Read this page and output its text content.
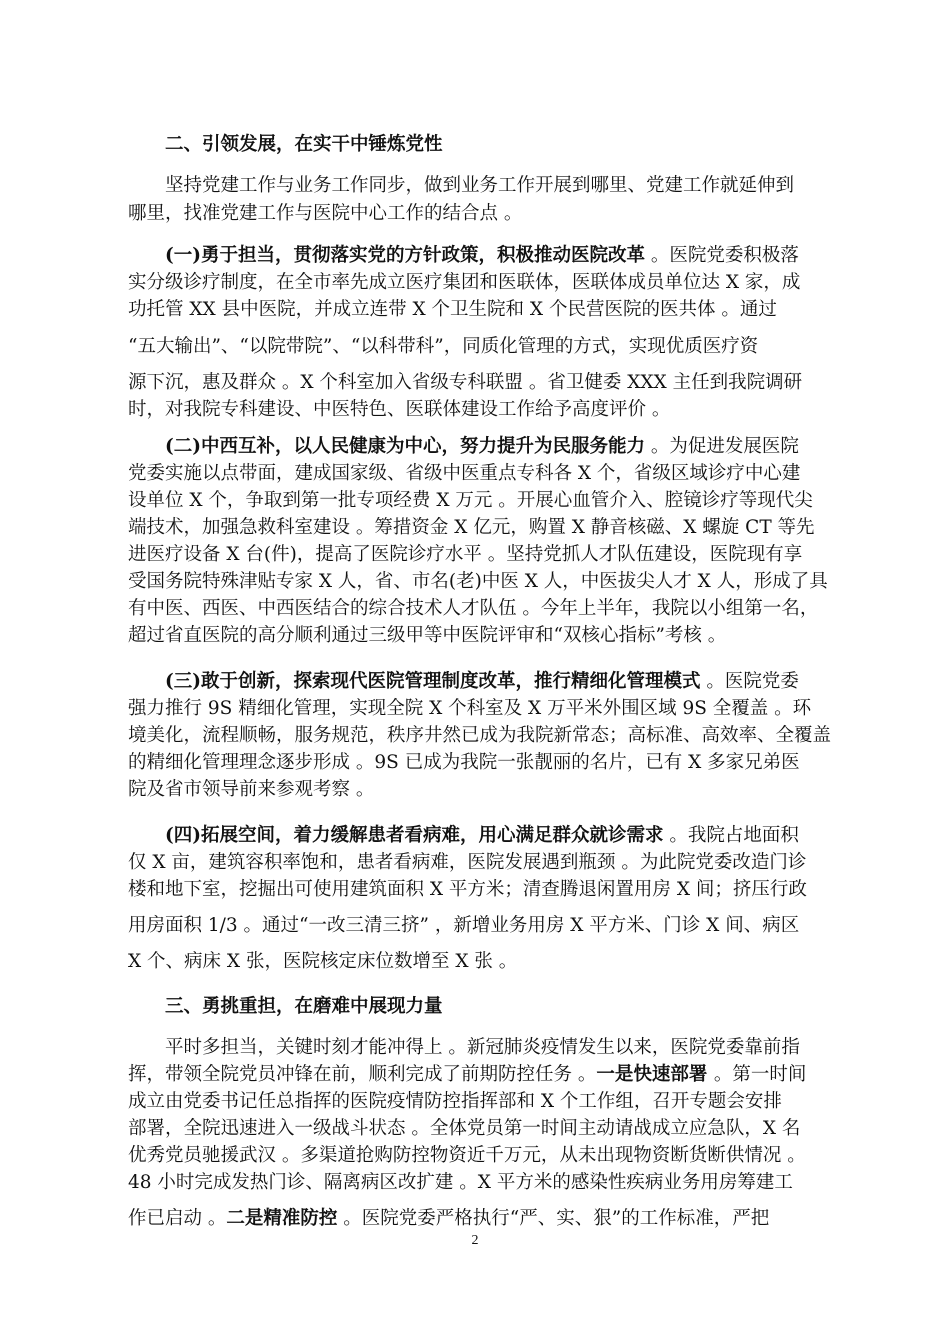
二、引领发展，在实干中锤炼党性
坚持党建工作与业务工作同步，做到业务工作开展到哪里、党建工作就延伸到
哪里，找准党建工作与医院中心工作的结合点 。
(一)勇于担当，贯彻落实党的方针政策，积极推动医院改革 。医院党委积极落
实分级诊疗制度，在全市率先成立医疗集团和医联体，医联体成员单位达 X 家，成
功托管 XX 县中医院，并成立连带 X 个卫生院和 X 个民营医院的医共体 。通过
“五大输出”、“以院带院”、“以科带科”，同质化管理的方式，实现优质医疗资
源下沉，惠及群众 。X 个科室加入省级专科联盟 。省卫健委 XXX 主任到我院调研
时，对我院专科建设、中医特色、医联体建设工作给予高度评价 。
(二)中西互补，以人民健康为中心，努力提升为民服务能力 。为促进发展医院
党委实施以点带面，建成国家级、省级中医重点专科各 X 个，省级区域诊疗中心建
设单位 X 个，争取到第一批专项经费 X 万元 。开展心血管介入、腔镜诊疗等现代尖
端技术，加强急救科室建设 。筹措资金 X 亿元，购置 X 静音核磁、X 螺旋 CT 等先
进医疗设备 X 台(件)，提高了医院诊疗水平 。坚持党抓人才队伍建设，医院现有享
受国务院特殊津贴专家 X 人，省、市名(老)中医 X 人，中医拔尖人才 X 人，形成了具
有中医、西医、中西医结合的综合技术人才队伍 。今年上半年，我院以小组第一名，
超过省直医院的高分顺利通过三级甲等中医院评审和“双核心指标”考核 。
(三)敢于创新，探索现代医院管理制度改革，推行精细化管理模式 。医院党委
强力推行 9S 精细化管理，实现全院 X 个科室及 X 万平米外围区域 9S 全覆盖 。环
境美化，流程顺畅，服务规范，秩序井然已成为我院新常态；高标准、高效率、全覆盖
的精细化管理理念逐步形成 。9S 已成为我院一张靓丽的名片，已有 X 多家兄弟医
院及省市领导前来参观考察 。
(四)拓展空间，着力缓解患者看病难，用心满足群众就诊需求 。我院占地面积
仅 X 亩，建筑容积率饱和，患者看病难，医院发展遇到瓶颈 。为此院党委改造门诊
楼和地下室，挖掘出可使用建筑面积 X 平方米；清查腾退闲置用房 X 间；挤压行政
用房面积 1/3 。通过“一改三清三挤” ，新增业务用房 X 平方米、门诊 X 间、病区
X 个、病床 X 张，医院核定床位数增至 X 张 。
三、勇挑重担，在磨难中展现力量
平时多担当，关键时刻才能冲得上 。新冠肺炎疫情发生以来，医院党委靠前指
挥，带领全院党员冲锋在前，顺利完成了前期防控任务 。一是快速部署 。第一时间
成立由党委书记任总指挥的医院疫情防控指挥部和 X 个工作组，召开专题会安排
部署，全院迅速进入一级战斗状态 。全体党员第一时间主动请战成立应急队，X 名
优秀党员驰援武汉 。多渠道抢购防控物资近千万元，从未出现物资断货断供情况 。
48 小时完成发热门诊、隔离病区改扩建 。X 平方米的感染性疾病业务用房筹建工
作已启动 。二是精准防控 。医院党委严格执行“严、实、狠”的工作标准，严把
2
